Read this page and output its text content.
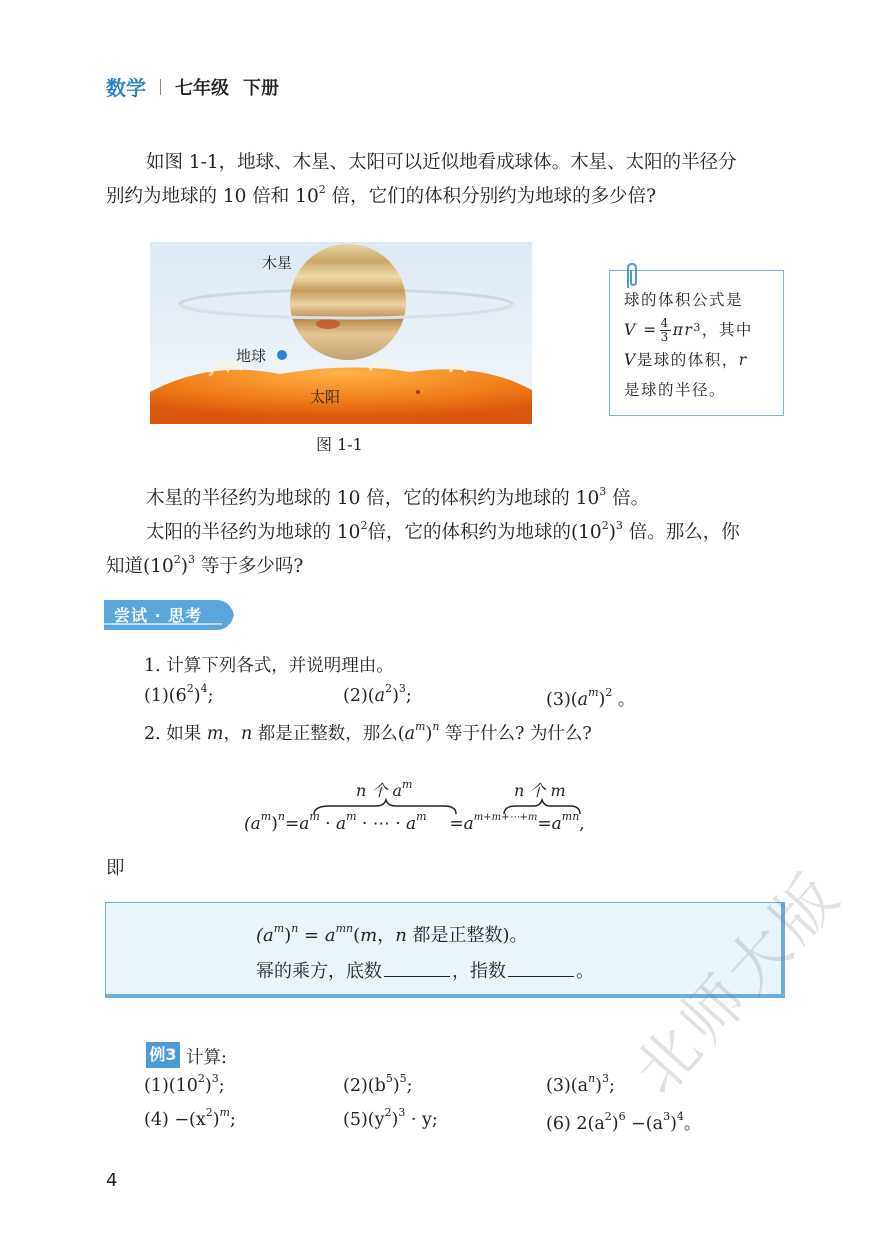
数学 七年级 下册
如图 1-1，地球、木星、太阳可以近似地看成球体。木星、太阳的半径分
别约为地球的 10 倍和 $10^2$ 倍，它们的体积分别约为地球的多少倍?
木星
地球
太阳
图 1-1
球的体积公式是
$V = \frac{4}{3} \pi r^3$ ，其中
V是球的体积，r
是球的半径。
木星的半径约为地球的 10 倍，它的体积约为地球的 $10^3$ 倍。
太阳的半径约为地球的 $10^2$倍，它的体积约为地球的$(10^2)^3$ 倍。那么，你
知道$(10^2)^3$ 等于多少吗?
尝试 · 思考
1. 计算下列各式，并说明理由。
$(1)(6^2)^4$;	$(2)(a^2)^3$;	$(3)(a^m)^2$ 。
2. 如果 m，n 都是正整数，那么$(a^m)^n$ 等于什么? 为什么?
n 个 $a^m$	n 个 m
$(a^m)^n=a^m \cdot a^m$ · ⋯ · $a^m =a^{m+m+\cdots+m}=a^{mn}$,
即
$(a^m)^n = a^{mn}(m$，n 都是正整数)。
幂的乘方，底数	，指数	。
例3 计算:
$(1)(10^2)^3$;	$(2)(b^5)^5$;	$(3)(a^n)^3$;
$(4) -(x^2)^m$;	$(5)(y^2)^3 \cdot y$;	(6) $2(a^2)^6 -(a^3)^4$。
4
北师大版
